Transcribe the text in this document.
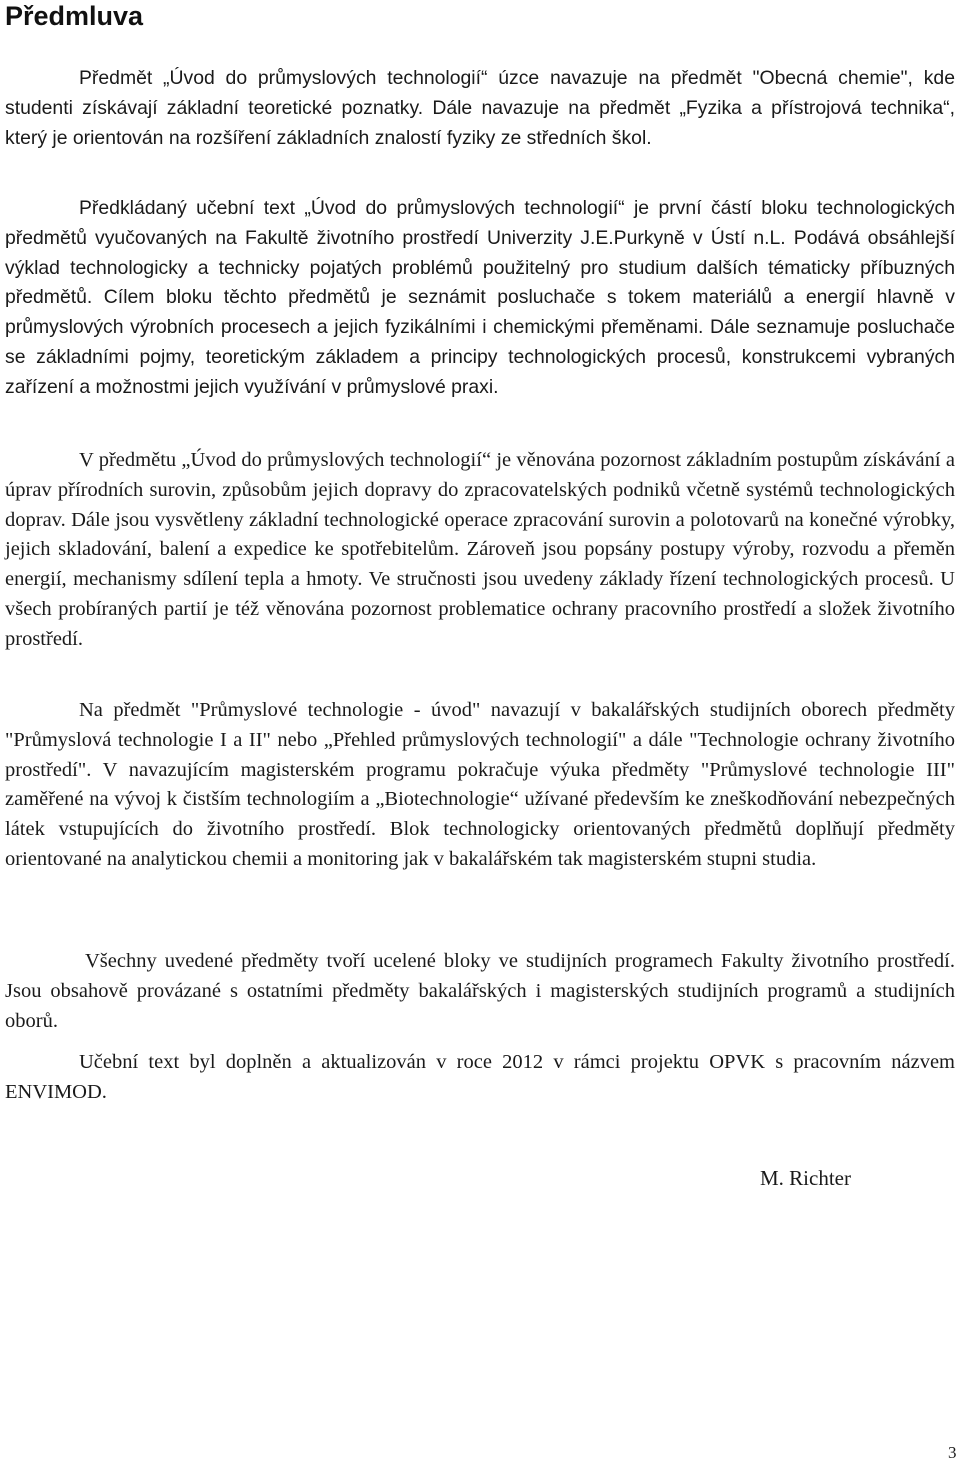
Předmluva

Předmět „Úvod do průmyslových technologií“ úzce navazuje na předmět "Obecná chemie", kde studenti získávají základní teoretické poznatky. Dále navazuje na předmět „Fyzika a přístrojová technika“, který je orientován na rozšíření základních znalostí fyziky ze středních škol.

Předkládaný učební text „Úvod do průmyslových technologií“ je první částí bloku technologických předmětů vyučovaných na Fakultě životního prostředí Univerzity J.E.Purkyně v Ústí n.L. Podává obsáhlejší výklad technologicky a technicky pojatých problémů použitelný pro studium dalších tématicky příbuzných předmětů. Cílem bloku těchto předmětů je seznámit posluchače s tokem materiálů a energií hlavně v průmyslových výrobních procesech a jejich fyzikálními i chemickými přeměnami. Dále seznamuje posluchače se základními pojmy, teoretickým základem a principy technologických procesů, konstrukcemi vybraných zařízení a možnostmi jejich využívání v průmyslové praxi.

V předmětu „Úvod do průmyslových technologií“ je věnována pozornost základním postupům získávání a úprav přírodních surovin, způsobům jejich dopravy do zpracovatelských podniků včetně systémů technologických doprav. Dále jsou vysvětleny základní technologické operace zpracování surovin a polotovarů na konečné výrobky, jejich skladování, balení a expedice ke spotřebitelům. Zároveň jsou popsány postupy výroby, rozvodu a přeměn energií, mechanismy sdílení tepla a hmoty. Ve stručnosti jsou uvedeny základy řízení technologických procesů. U všech probíraných partií je též věnována pozornost problematice ochrany pracovního prostředí a složek životního prostředí.

Na předmět "Průmyslové technologie - úvod" navazují v bakalářských studijních oborech předměty "Průmyslová technologie I a II" nebo „Přehled průmyslových technologií" a dále "Technologie ochrany životního prostředí". V navazujícím magisterském programu pokračuje výuka předměty "Průmyslové technologie III" zaměřené na vývoj k čistším technologiím a „Biotechnologie“ užívané především ke zneškodňování nebezpečných látek vstupujících do životního prostředí. Blok technologicky orientovaných předmětů doplňují předměty orientované na analytickou chemii a monitoring jak v bakalářském tak magisterském stupni studia.

Všechny uvedené předměty tvoří ucelené bloky ve studijních programech Fakulty životního prostředí. Jsou obsahově provázané s ostatními předměty bakalářských i magisterských studijních programů a studijních oborů.

Učební text byl doplněn a aktualizován v roce 2012 v rámci projektu OPVK s pracovním názvem ENVIMOD.

M. Richter
3
